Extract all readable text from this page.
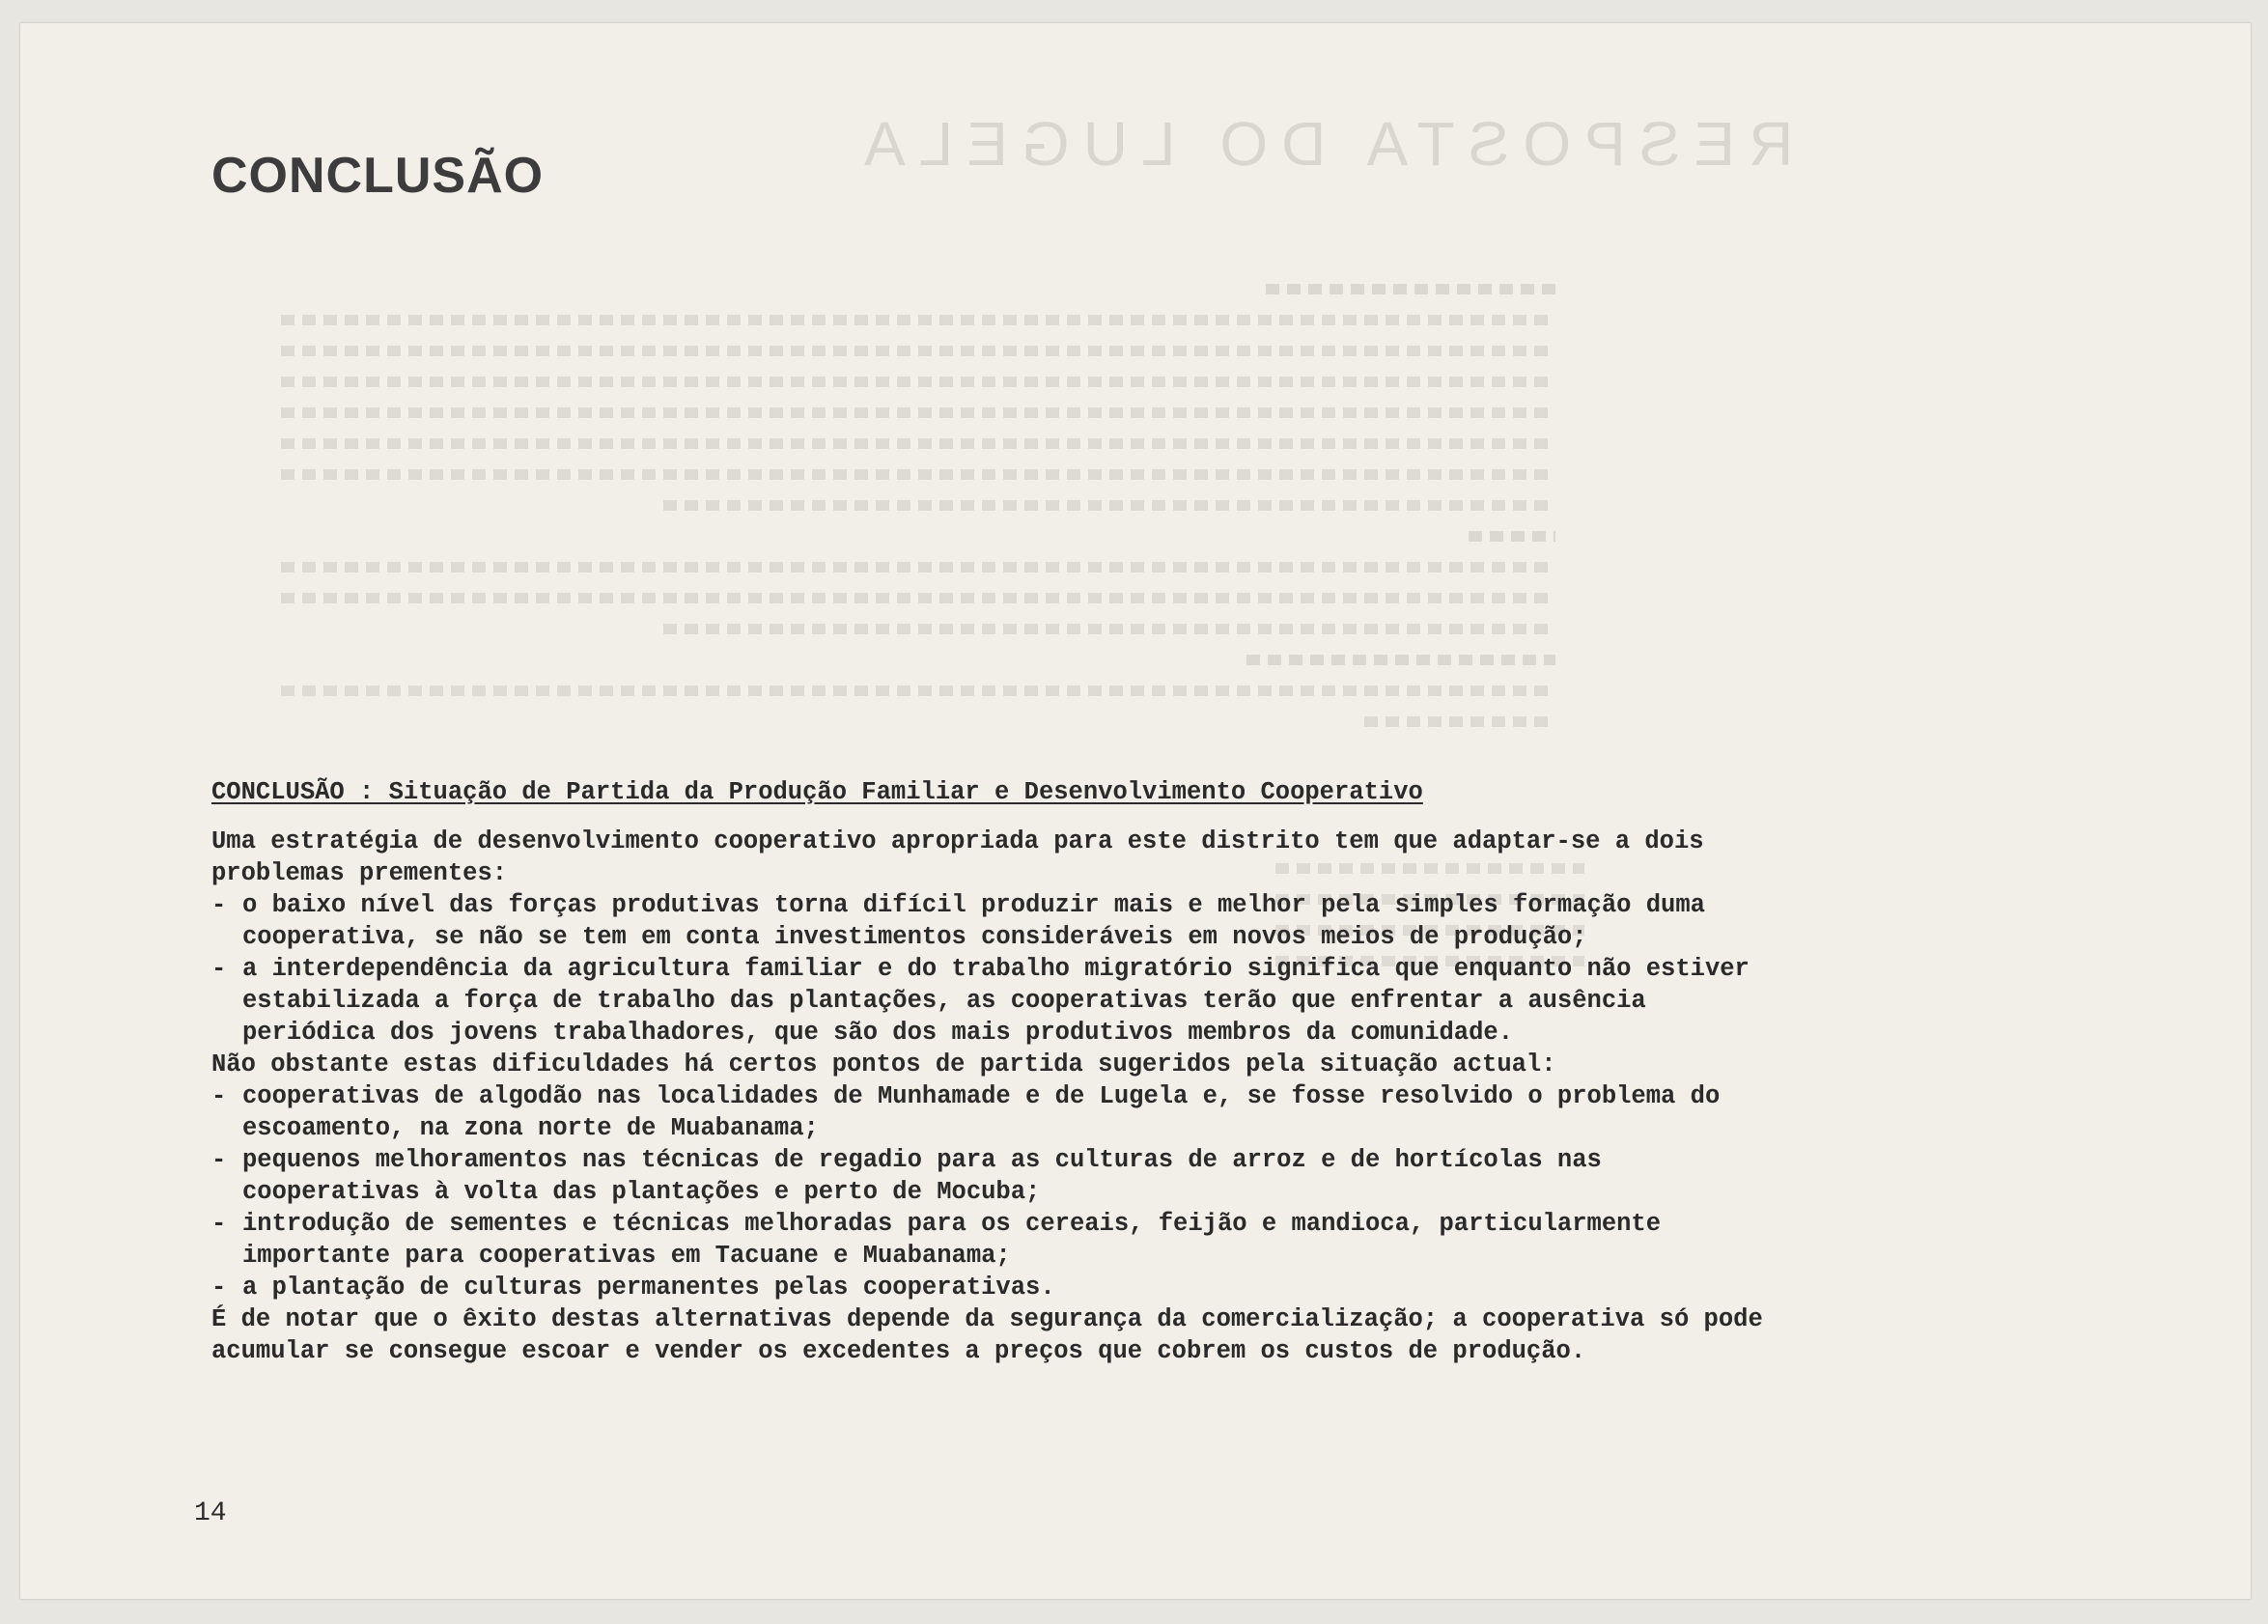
RESPOSTA DO LUGELA
CONCLUSÃO
CONCLUSÃO : Situação de Partida da Produção Familiar e Desenvolvimento Cooperativo

Uma estratégia de desenvolvimento cooperativo apropriada para este distrito tem que adaptar-se a dois problemas prementes:

- o baixo nível das forças produtivas torna difícil produzir mais e melhor pela simples formação duma cooperativa, se não se tem em conta investimentos consideráveis em novos meios de produção;
- a interdependência da agricultura familiar e do trabalho migratório significa que enquanto não estiver estabilizada a força de trabalho das plantações, as cooperativas terão que enfrentar a ausência periódica dos jovens trabalhadores, que são dos mais produtivos membros da comunidade.

Não obstante estas dificuldades há certos pontos de partida sugeridos pela situação actual:

- cooperativas de algodão nas localidades de Munhamade e de Lugela e, se fosse resolvido o problema do escoamento, na zona norte de Muabanama;
- pequenos melhoramentos nas técnicas de regadio para as culturas de arroz e de hortícolas nas cooperativas à volta das plantações e perto de Mocuba;
- introdução de sementes e técnicas melhoradas para os cereais, feijão e mandioca, particularmente importante para cooperativas em Tacuane e Muabanama;
- a plantação de culturas permanentes pelas cooperativas.

É de notar que o êxito destas alternativas depende da segurança da comercialização; a cooperativa só pode acumular se consegue escoar e vender os excedentes a preços que cobrem os custos de produção.

14
